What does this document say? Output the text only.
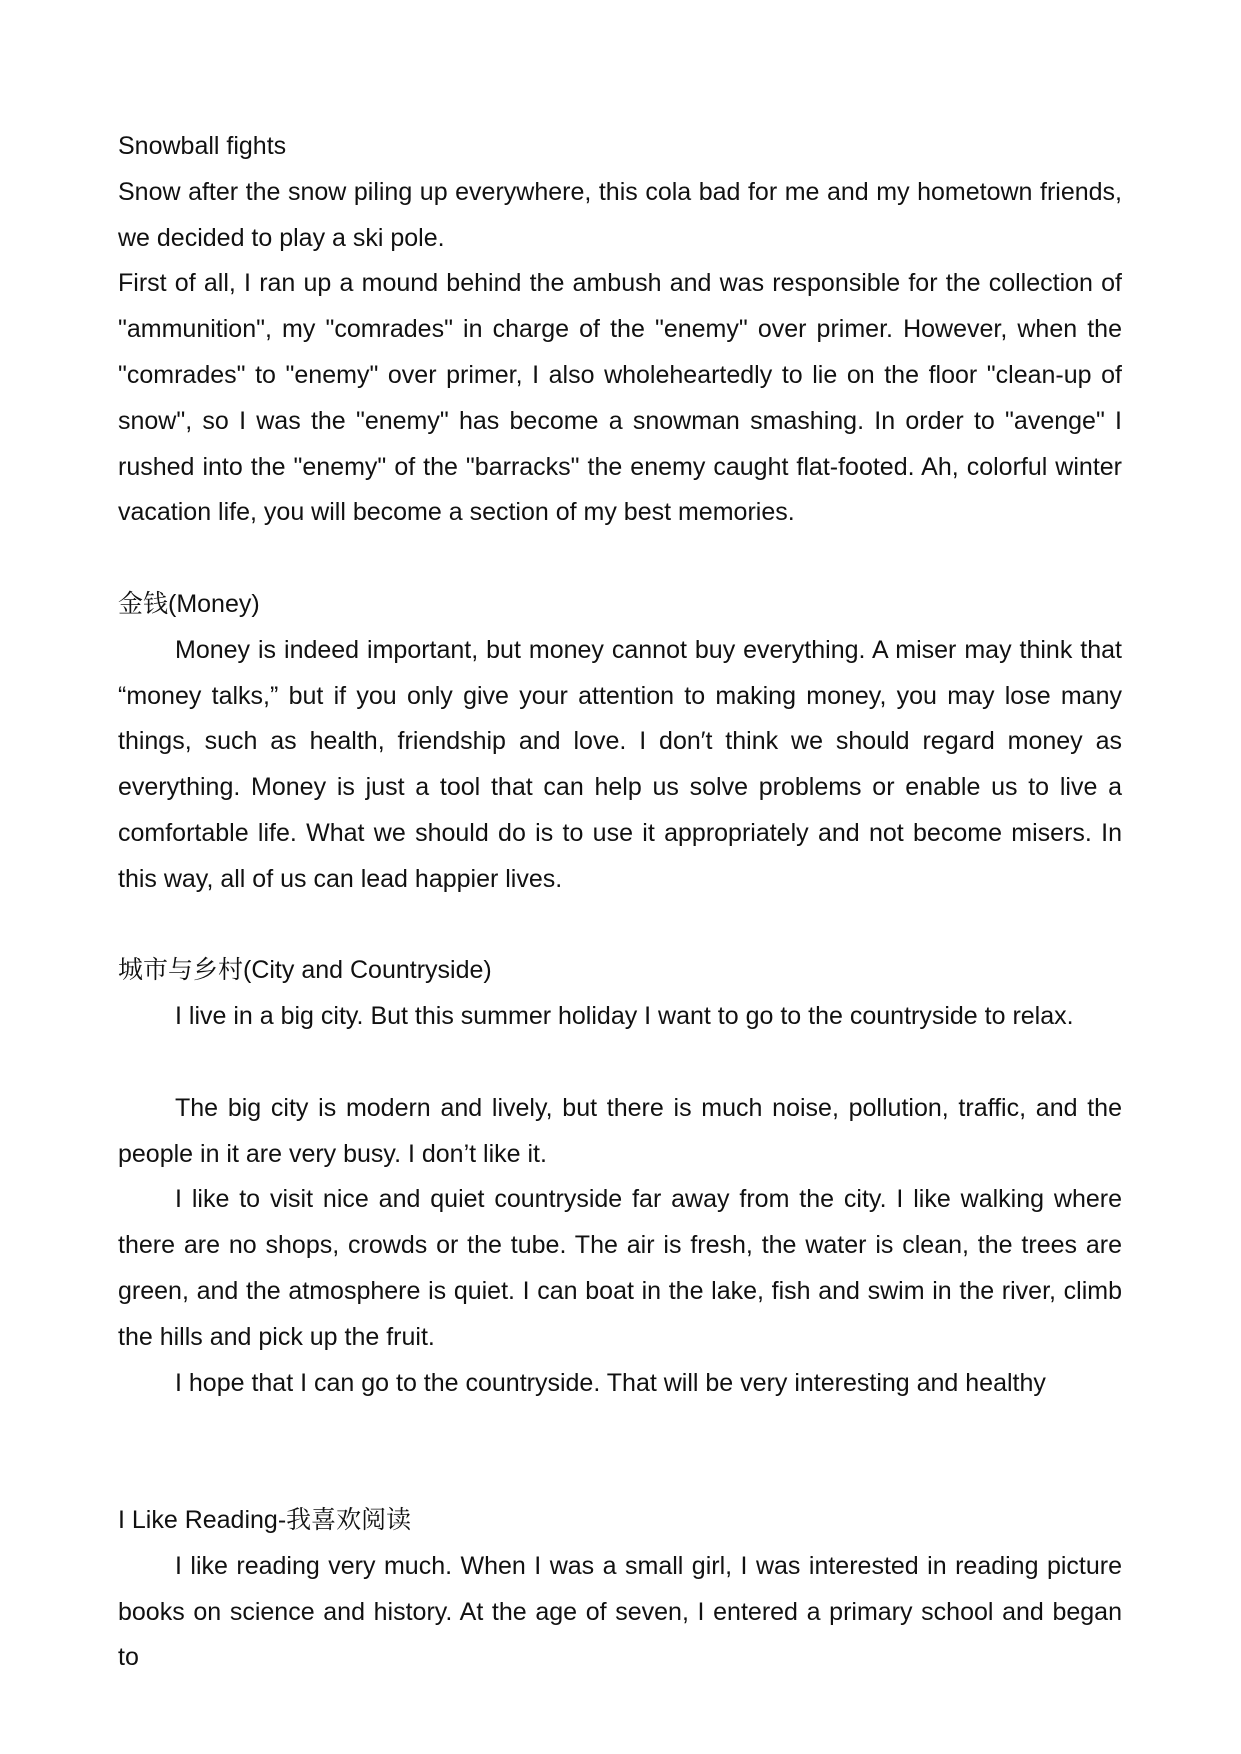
Snowball fights

Snow after the snow piling up everywhere, this cola bad for me and my hometown friends, we decided to play a ski pole.

First of all, I ran up a mound behind the ambush and was responsible for the collection of "ammunition", my "comrades" in charge of the "enemy" over primer. However, when the "comrades" to "enemy" over primer, I also wholeheartedly to lie on the floor "clean-up of snow", so I was the "enemy" has become a snowman smashing. In order to "avenge" I rushed into the "enemy" of the "barracks" the enemy caught flat-footed. Ah, colorful winter vacation life, you will become a section of my best memories.

金钱(Money)

Money is indeed important, but money cannot buy everything. A miser may think that “money talks,” but if you only give your attention to making money, you may lose many things, such as health, friendship and love. I don′t think we should regard money as everything. Money is just a tool that can help us solve problems or enable us to live a comfortable life. What we should do is to use it appropriately and not become misers. In this way, all of us can lead happier lives.

城市与乡村(City and Countryside)

I live in a big city. But this summer holiday I want to go to the countryside to relax.

The big city is modern and lively, but there is much noise, pollution, traffic, and the people in it are very busy. I don’t like it.

I like to visit nice and quiet countryside far away from the city. I like walking where there are no shops, crowds or the tube. The air is fresh, the water is clean, the trees are green, and the atmosphere is quiet. I can boat in the lake, fish and swim in the river, climb the hills and pick up the fruit.

I hope that I can go to the countryside. That will be very interesting and healthy

I Like Reading-我喜欢阅读

I like reading very much. When I was a small girl, I was interested in reading picture books on science and history. At the age of seven, I entered a primary school and began to
